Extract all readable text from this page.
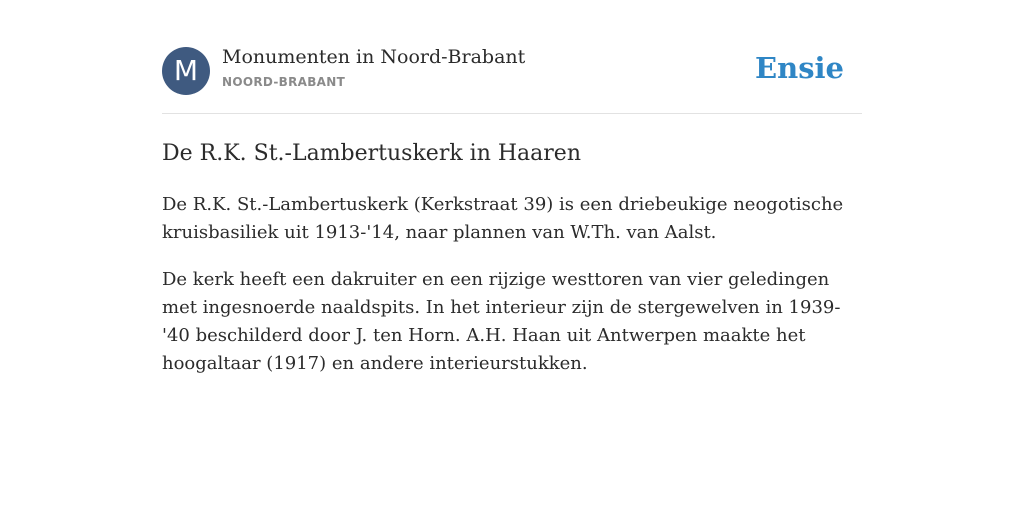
M	Monumenten in Noord-Brabant
NOORD-BRABANT	Ensie
De R.K. St.-Lambertuskerk in Haaren

De R.K. St.-Lambertuskerk (Kerkstraat 39) is een driebeukige neogotische kruisbasiliek uit 1913-'14, naar plannen van W.Th. van Aalst.

De kerk heeft een dakruiter en een rijzige westtoren van vier geledingen met ingesnoerde naaldspits. In het interieur zijn de stergewelven in 1939-'40 beschilderd door J. ten Horn. A.H. Haan uit Antwerpen maakte het hoogaltaar (1917) en andere interieurstukken.
